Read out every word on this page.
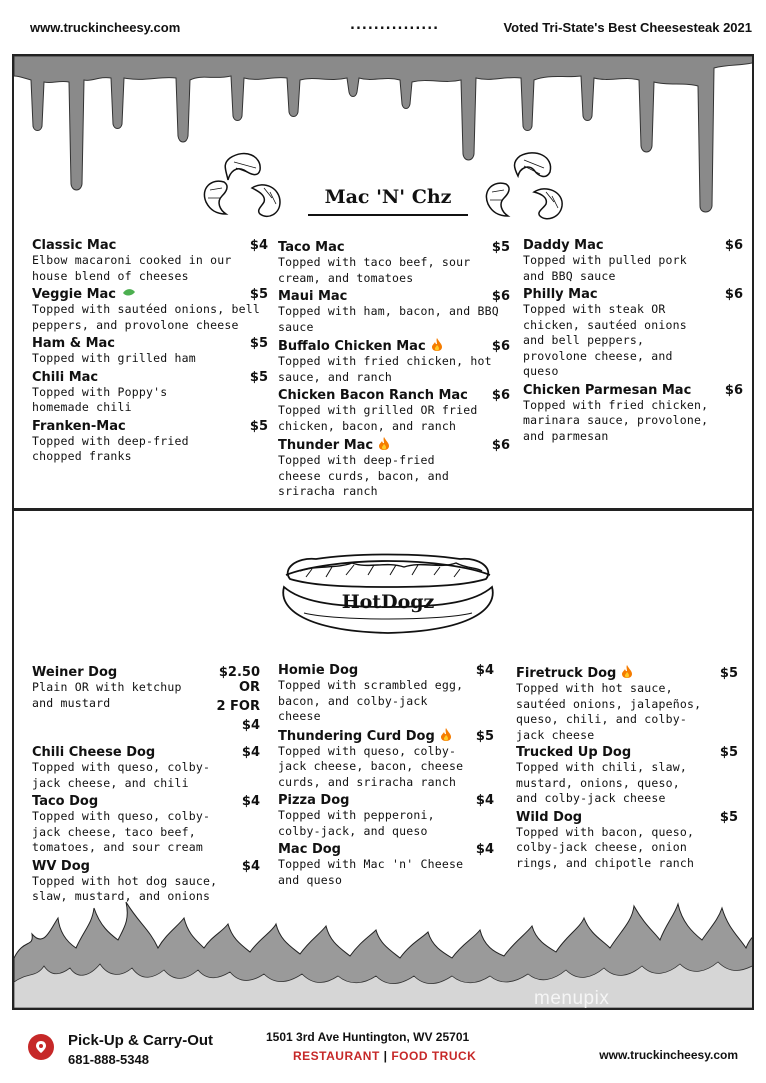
www.truckincheesy.com	...............	Voted Tri-State's Best Cheesesteak 2021
Mac 'N' Chz
Classic Mac	$4
Elbow macaroni cooked in our house blend of cheeses
Veggie Mac	$5
Topped with sautéed onions, bell peppers, and provolone cheese
Ham & Mac	$5
Topped with grilled ham
Chili Mac	$5
Topped with Poppy's homemade chili
Franken-Mac	$5
Topped with deep-fried chopped franks
Taco Mac	$5
Topped with taco beef, sour cream, and tomatoes
Maui Mac	$6
Topped with ham, bacon, and BBQ sauce
Buffalo Chicken Mac	$6
Topped with fried chicken, hot sauce, and ranch
Chicken Bacon Ranch Mac $6
Topped with grilled OR fried chicken, bacon, and ranch
Thunder Mac	$6
Topped with deep-fried cheese curds, bacon, and sriracha ranch
Daddy Mac	$6
Topped with pulled pork and BBQ sauce
Philly Mac	$6
Topped with steak OR chicken, sautéed onions and bell peppers, provolone cheese, and queso
Chicken Parmesan Mac	$6
Topped with fried chicken, marinara sauce, provolone, and parmesan
HotDogz
Weiner Dog	$2.50
Plain OR with ketchup and mustard
OR
2 FOR $4
Chili Cheese Dog	$4
Topped with queso, colby-jack cheese, and chili
Taco Dog	$4
Topped with queso, colby-jack cheese, taco beef, tomatoes, and sour cream
WV Dog	$4
Topped with hot dog sauce, slaw, mustard, and onions
Homie Dog	$4
Topped with scrambled egg, bacon, and colby-jack cheese
Thundering Curd Dog	$5
Topped with queso, colby-jack cheese, bacon, cheese curds, and sriracha ranch
Pizza Dog	$4
Topped with pepperoni, colby-jack, and queso
Mac Dog	$4
Topped with Mac 'n' Cheese and queso
Firetruck Dog	$5
Topped with hot sauce, sautéed onions, jalapeños, queso, chili, and colby-jack cheese
Trucked Up Dog	$5
Topped with chili, slaw, mustard, onions, queso, and colby-jack cheese
Wild Dog	$5
Topped with bacon, queso, colby-jack cheese, onion rings, and chipotle ranch
menupix
Pick-Up & Carry-Out
681-888-5348
1501 3rd Ave Huntington, WV 25701
RESTAURANT | FOOD TRUCK	www.truckincheesy.com
